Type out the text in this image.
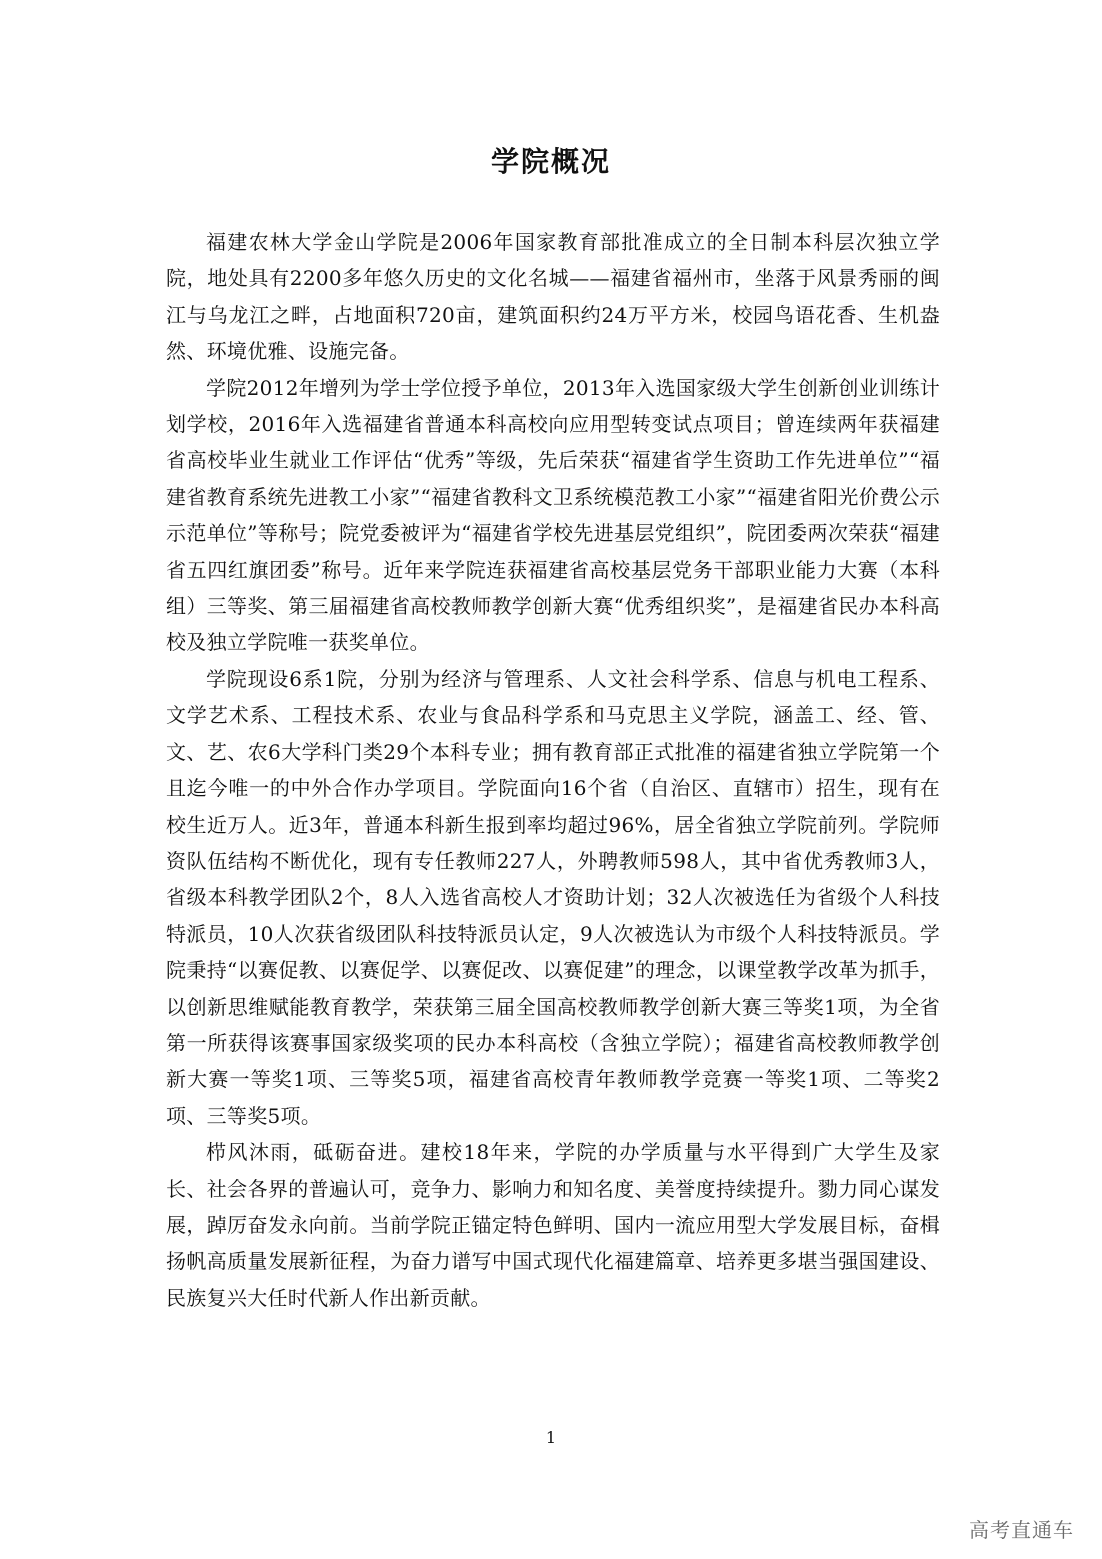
学院概况

福建农林大学金山学院是2006年国家教育部批准成立的全日制本科层次独立学院，地处具有2200多年悠久历史的文化名城——福建省福州市，坐落于风景秀丽的闽江与乌龙江之畔，占地面积720亩，建筑面积约24万平方米，校园鸟语花香、生机盎然、环境优雅、设施完备。

学院2012年增列为学士学位授予单位，2013年入选国家级大学生创新创业训练计划学校，2016年入选福建省普通本科高校向应用型转变试点项目；曾连续两年获福建省高校毕业生就业工作评估“优秀”等级，先后荣获“福建省学生资助工作先进单位”“福建省教育系统先进教工小家”“福建省教科文卫系统模范教工小家”“福建省阳光价费公示示范单位”等称号；院党委被评为“福建省学校先进基层党组织”，院团委两次荣获“福建省五四红旗团委”称号。近年来学院连获福建省高校基层党务干部职业能力大赛（本科组）三等奖、第三届福建省高校教师教学创新大赛“优秀组织奖”，是福建省民办本科高校及独立学院唯一获奖单位。

学院现设6系1院，分别为经济与管理系、人文社会科学系、信息与机电工程系、文学艺术系、工程技术系、农业与食品科学系和马克思主义学院，涵盖工、经、管、文、艺、农6大学科门类29个本科专业；拥有教育部正式批准的福建省独立学院第一个且迄今唯一的中外合作办学项目。学院面向16个省（自治区、直辖市）招生，现有在校生近万人。近3年，普通本科新生报到率均超过96%，居全省独立学院前列。学院师资队伍结构不断优化，现有专任教师227人，外聘教师598人，其中省优秀教师3人，省级本科教学团队2个，8人入选省高校人才资助计划；32人次被选任为省级个人科技特派员，10人次获省级团队科技特派员认定，9人次被选认为市级个人科技特派员。学院秉持“以赛促教、以赛促学、以赛促改、以赛促建”的理念，以课堂教学改革为抓手，以创新思维赋能教育教学，荣获第三届全国高校教师教学创新大赛三等奖1项，为全省第一所获得该赛事国家级奖项的民办本科高校（含独立学院）；福建省高校教师教学创新大赛一等奖1项、三等奖5项，福建省高校青年教师教学竞赛一等奖1项、二等奖2项、三等奖5项。

栉风沐雨，砥砺奋进。建校18年来，学院的办学质量与水平得到广大学生及家长、社会各界的普遍认可，竞争力、影响力和知名度、美誉度持续提升。勠力同心谋发展，踔厉奋发永向前。当前学院正锚定特色鲜明、国内一流应用型大学发展目标，奋楫扬帆高质量发展新征程，为奋力谱写中国式现代化福建篇章、培养更多堪当强国建设、民族复兴大任时代新人作出新贡献。

1

高考直通车
